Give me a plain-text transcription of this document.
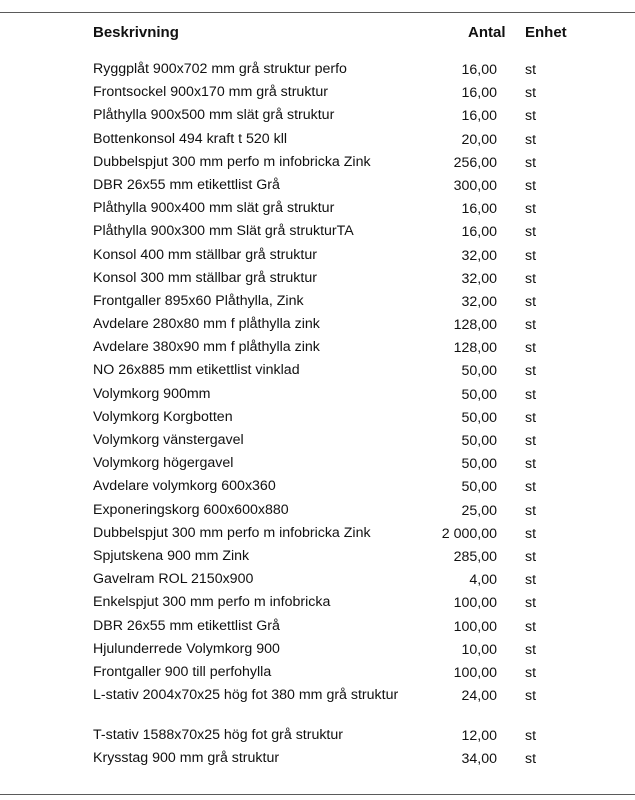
Beskrivning	Antal Enhet
Ryggplåt 900x702 mm grå struktur perfo	16,00 st
Frontsockel 900x170 mm grå struktur	16,00 st
Plåthylla 900x500 mm slät grå struktur	16,00 st
Bottenkonsol 494 kraft t 520 kll	20,00 st
Dubbelspjut 300 mm perfo m infobricka Zink	256,00 st
DBR 26x55 mm etikettlist Grå	300,00 st
Plåthylla 900x400 mm slät grå struktur	16,00 st
Plåthylla 900x300 mm Slät grå strukturTA	16,00 st
Konsol 400 mm ställbar grå struktur	32,00 st
Konsol 300 mm ställbar grå struktur	32,00 st
Frontgaller 895x60 Plåthylla, Zink	32,00 st
Avdelare 280x80 mm f plåthylla zink	128,00 st
Avdelare 380x90 mm f plåthylla zink	128,00 st
NO 26x885 mm etikettlist vinklad	50,00 st
Volymkorg 900mm	50,00 st
Volymkorg Korgbotten	50,00 st
Volymkorg vänstergavel	50,00 st
Volymkorg högergavel	50,00 st
Avdelare volymkorg 600x360	50,00 st
Exponeringskorg 600x600x880	25,00 st
Dubbelspjut 300 mm perfo m infobricka Zink	2 000,00 st
Spjutskena 900 mm Zink	285,00 st
Gavelram ROL 2150x900	4,00 st
Enkelspjut 300 mm perfo m infobricka	100,00 st
DBR 26x55 mm etikettlist Grå	100,00 st
Hjulunderrede Volymkorg 900	10,00 st
Frontgaller 900 till perfohylla	100,00 st
L-stativ 2004x70x25 hög fot 380 mm grå struktur	24,00 st
T-stativ 1588x70x25 hög fot grå struktur	12,00 st
Krysstag 900 mm grå struktur	34,00 st
